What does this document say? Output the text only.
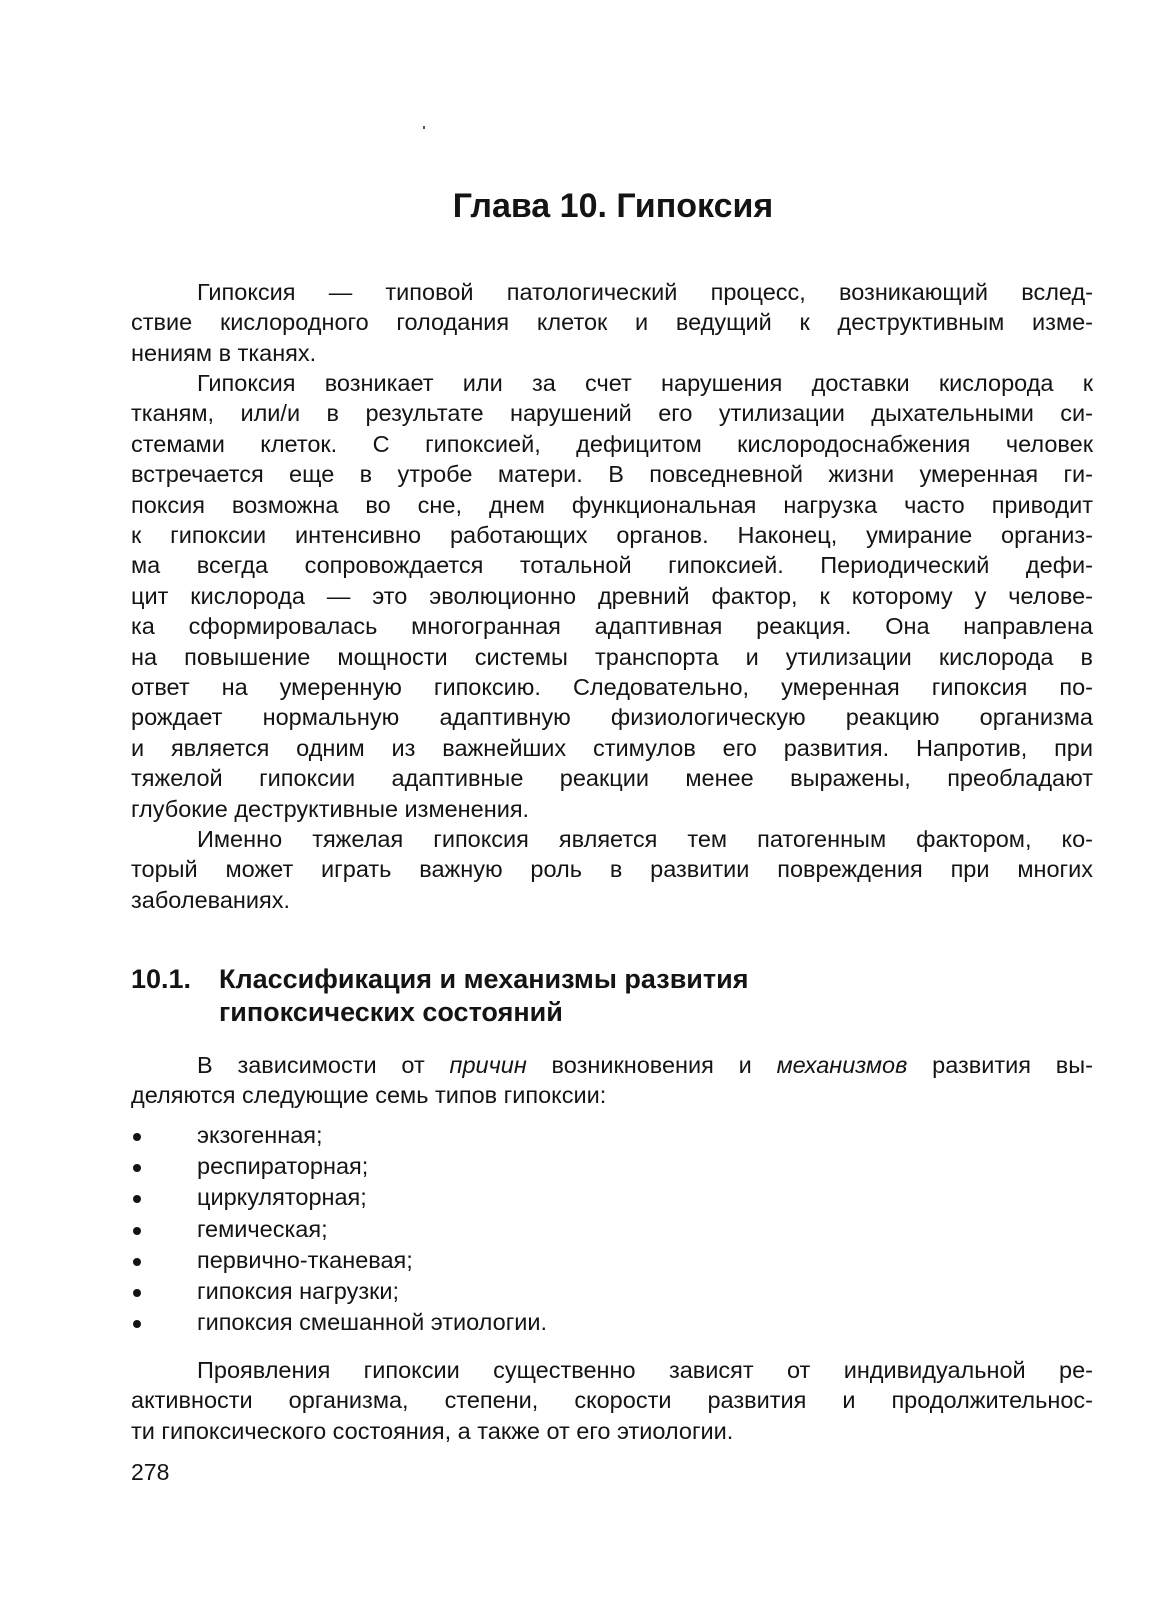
Глава 10. Гипоксия
Гипоксия — типовой патологический процесс, возникающий вслед-
ствие кислородного голодания клеток и ведущий к деструктивным изме-
нениям в тканях.
Гипоксия возникает или за счет нарушения доставки кислорода к
тканям, или/и в результате нарушений его утилизации дыхательными си-
стемами клеток. С гипоксией, дефицитом кислородоснабжения человек
встречается еще в утробе матери. В повседневной жизни умеренная ги-
поксия возможна во сне, днем функциональная нагрузка часто приводит
к гипоксии интенсивно работающих органов. Наконец, умирание организ-
ма всегда сопровождается тотальной гипоксией. Периодический дефи-
цит кислорода — это эволюционно древний фактор, к которому у челове-
ка сформировалась многогранная адаптивная реакция. Она направлена
на повышение мощности системы транспорта и утилизации кислорода в
ответ на умеренную гипоксию. Следовательно, умеренная гипоксия по-
рождает нормальную адаптивную физиологическую реакцию организма
и является одним из важнейших стимулов его развития. Напротив, при
тяжелой гипоксии адаптивные реакции менее выражены, преобладают
глубокие деструктивные изменения.
Именно тяжелая гипоксия является тем патогенным фактором, ко-
торый может играть важную роль в развитии повреждения при многих
заболеваниях.
10.1. Классификация и механизмы развития
гипоксических состояний
В зависимости от причин возникновения и механизмов развития вы-
деляются следующие семь типов гипоксии:
экзогенная;
респираторная;
циркуляторная;
гемическая;
первично-тканевая;
гипоксия нагрузки;
гипоксия смешанной этиологии.
Проявления гипоксии существенно зависят от индивидуальной ре-
активности организма, степени, скорости развития и продолжительнос-
ти гипоксического состояния, а также от его этиологии.
278
